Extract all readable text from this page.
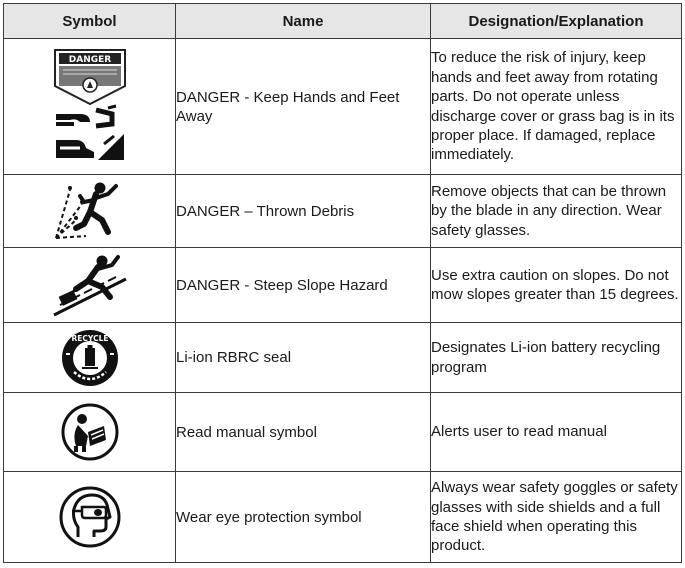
Symbol	Name	Designation/Explanation

DANGER	DANGER - Keep Hands and Feet Away	To reduce the risk of injury, keep hands and feet away from rotating parts. Do not operate unless discharge cover or grass bag is in its proper place. If damaged, replace immediately.

	DANGER – Thrown Debris	Remove objects that can be thrown by the blade in any direction. Wear safety glasses.

	DANGER - Steep Slope Hazard	Use extra caution on slopes. Do not mow slopes greater than 15 degrees.

RECYCLE	Li-ion RBRC seal	Designates Li-ion battery recycling program

	Read manual symbol	Alerts user to read manual

	Wear eye protection symbol	Always wear safety goggles or safety glasses with side shields and a full face shield when operating this product.
